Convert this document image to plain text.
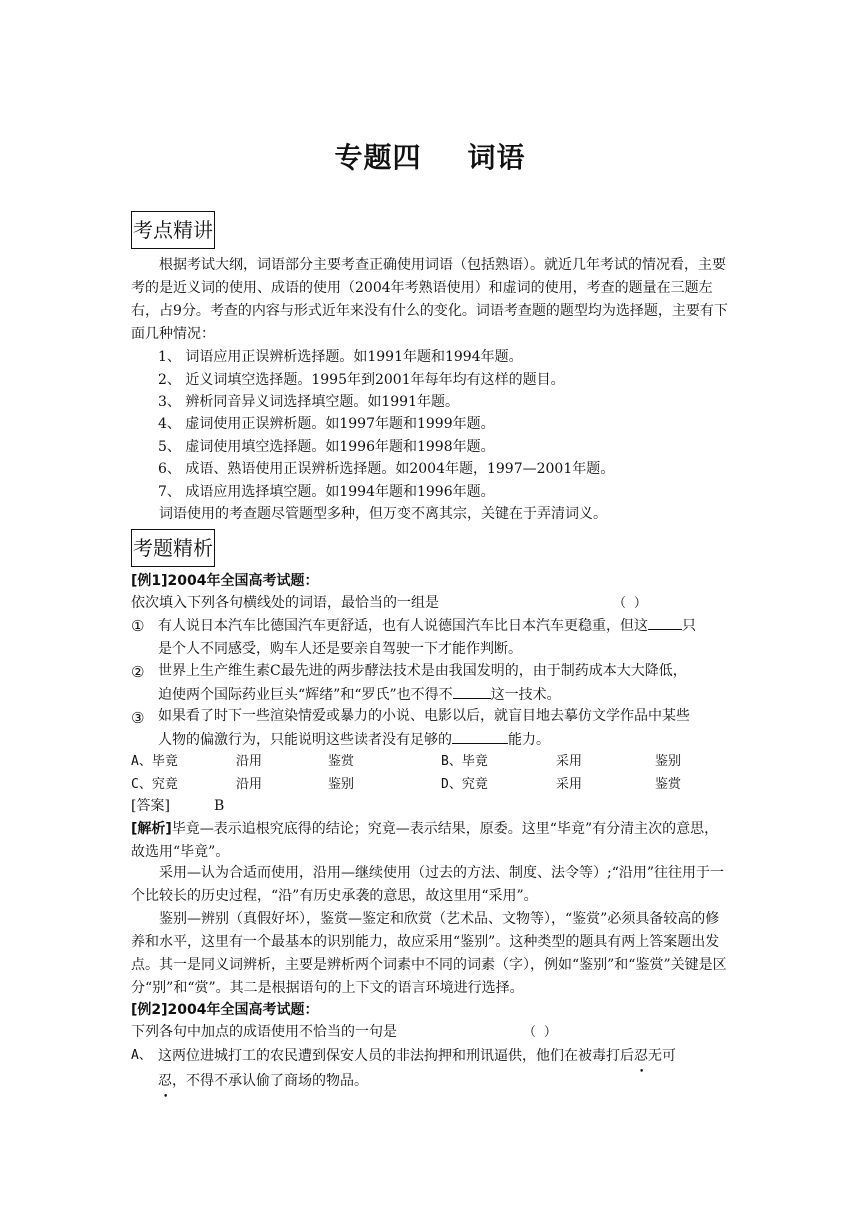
专题四 词语
考点精讲
根据考试大纲，词语部分主要考查正确使用词语（包括熟语）。就近几年考试的情况看，主要考的是近义词的使用、成语的使用（2004年考熟语使用）和虚词的使用，考查的题量在三题左右，占9分。考查的内容与形式近年来没有什么的变化。词语考查题的题型均为选择题，主要有下面几种情况：
1、 词语应用正误辨析选择题。如1991年题和1994年题。
2、 近义词填空选择题。1995年到2001年每年均有这样的题目。
3、 辨析同音异义词选择填空题。如1991年题。
4、 虚词使用正误辨析题。如1997年题和1999年题。
5、 虚词使用填空选择题。如1996年题和1998年题。
6、 成语、熟语使用正误辨析选择题。如2004年题，1997—2001年题。
7、 成语应用选择填空题。如1994年题和1996年题。
词语使用的考查题尽管题型多种，但万变不离其宗，关键在于弄清词义。
考题精析
[例1]2004年全国高考试题：
依次填入下列各句横线处的词语，最恰当的一组是	（ ）
① 有人说日本汽车比德国汽车更舒适，也有人说德国汽车比日本汽车更稳重，但这 只
是个人不同感受，购车人还是要亲自驾驶一下才能作判断。
② 世界上生产维生素C最先进的两步酵法技术是由我国发明的，由于制药成本大大降低，
迫使两个国际药业巨头“辉绪”和“罗氏”也不得不	这一技术。
③ 如果看了时下一些渲染情爱或暴力的小说、电影以后，就盲目地去摹仿文学作品中某些
人物的偏激行为，只能说明这些读者没有足够的	能力。
A、毕竟	沿用	鉴赏	B、毕竟	采用	鉴别
C、究竟	沿用	鉴别	D、究竟	采用	鉴赏
[答案]	B
[解析]毕竟—表示追根究底得的结论；究竟—表示结果，原委。这里“毕竟”有分清主次的意思，故选用“毕竟”。
采用—认为合适而使用，沿用—继续使用（过去的方法、制度、法令等）;“沿用”往往用于一个比较长的历史过程，“沿”有历史承袭的意思，故这里用“采用”。
鉴别—辨别（真假好坏），鉴赏—鉴定和欣赏（艺术品、文物等），“鉴赏”必须具备较高的修养和水平，这里有一个最基本的识别能力，故应采用“鉴别”。这种类型的题具有两上答案题出发点。其一是同义词辨析，主要是辨析两个词素中不同的词素（字），例如“鉴别”和“鉴赏”关键是区分“别”和“赏”。其二是根据语句的上下文的语言环境进行选择。
[例2]2004年全国高考试题：
下列各句中加点的成语使用不恰当的一句是	（ ）
A、 这两位进城打工的农民遭到保安人员的非法拘押和刑讯逼供，他们在被毒打后忍无可
忍，不得不承认偷了商场的物品。
